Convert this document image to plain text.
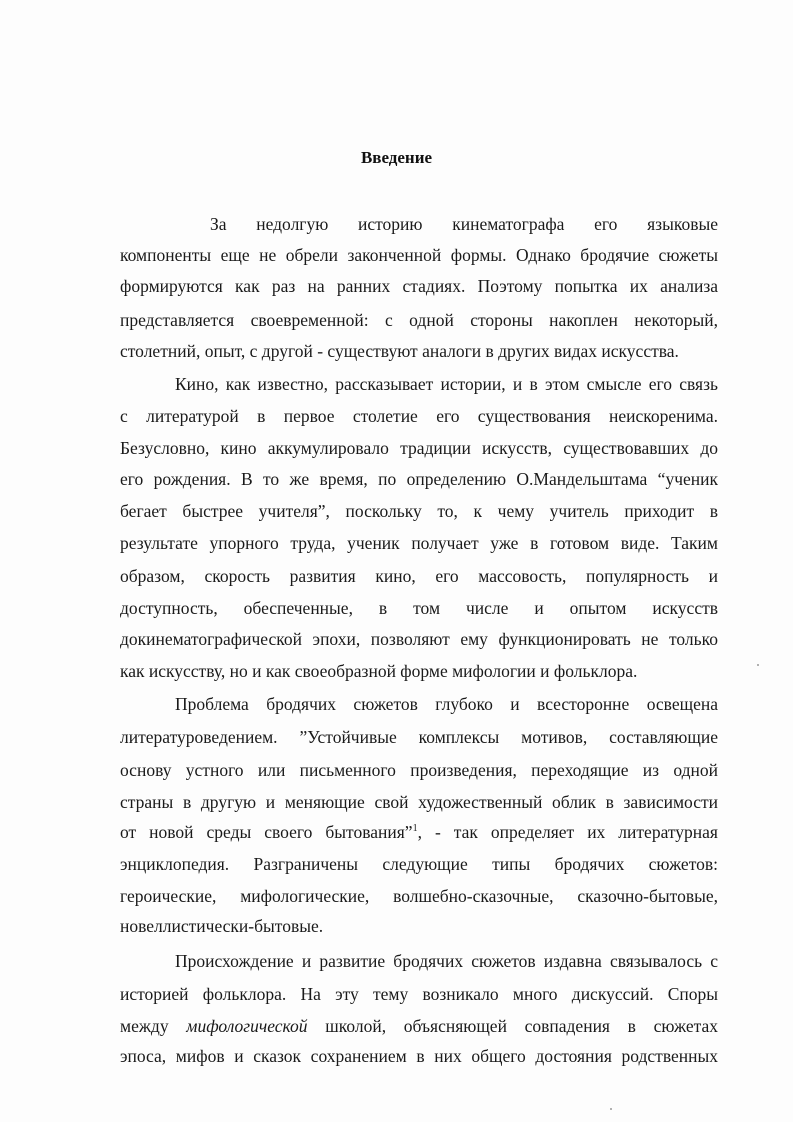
Введение
За недолгую историю кинематографа его языковые
компоненты еще не обрели законченной формы. Однако бродячие сюжеты
формируются как раз на ранних стадиях. Поэтому попытка их анализа
представляется своевременной: с одной стороны накоплен некоторый,
столетний, опыт, с другой - существуют аналоги в других видах искусства.
Кино, как известно, рассказывает истории, и в этом смысле его связь
с литературой в первое столетие его существования неискоренима.
Безусловно, кино аккумулировало традиции искусств, существовавших до
его рождения. В то же время, по определению О.Мандельштама “ученик
бегает быстрее учителя”, поскольку то, к чему учитель приходит в
результате упорного труда, ученик получает уже в готовом виде. Таким
образом, скорость развития кино, его массовость, популярность и
доступность, обеспеченные, в том числе и опытом искусств
докинематографической эпохи, позволяют ему функционировать не только
как искусству, но и как своеобразной форме мифологии и фольклора.
Проблема бродячих сюжетов глубоко и всесторонне освещена
литературоведением. ”Устойчивые комплексы мотивов, составляющие
основу устного или письменного произведения, переходящие из одной
страны в другую и меняющие свой художественный облик в зависимости
от новой среды своего бытования”$^1$, - так определяет их литературная
энциклопедия. Разграничены следующие типы бродячих сюжетов:
героические, мифологические, волшебно-сказочные, сказочно-бытовые,
новеллистически-бытовые.
Происхождение и развитие бродячих сюжетов издавна связывалось с
историей фольклора. На эту тему возникало много дискуссий. Споры
между мифологической школой, объясняющей совпадения в сюжетах
эпоса, мифов и сказок сохранением в них общего достояния родственных
